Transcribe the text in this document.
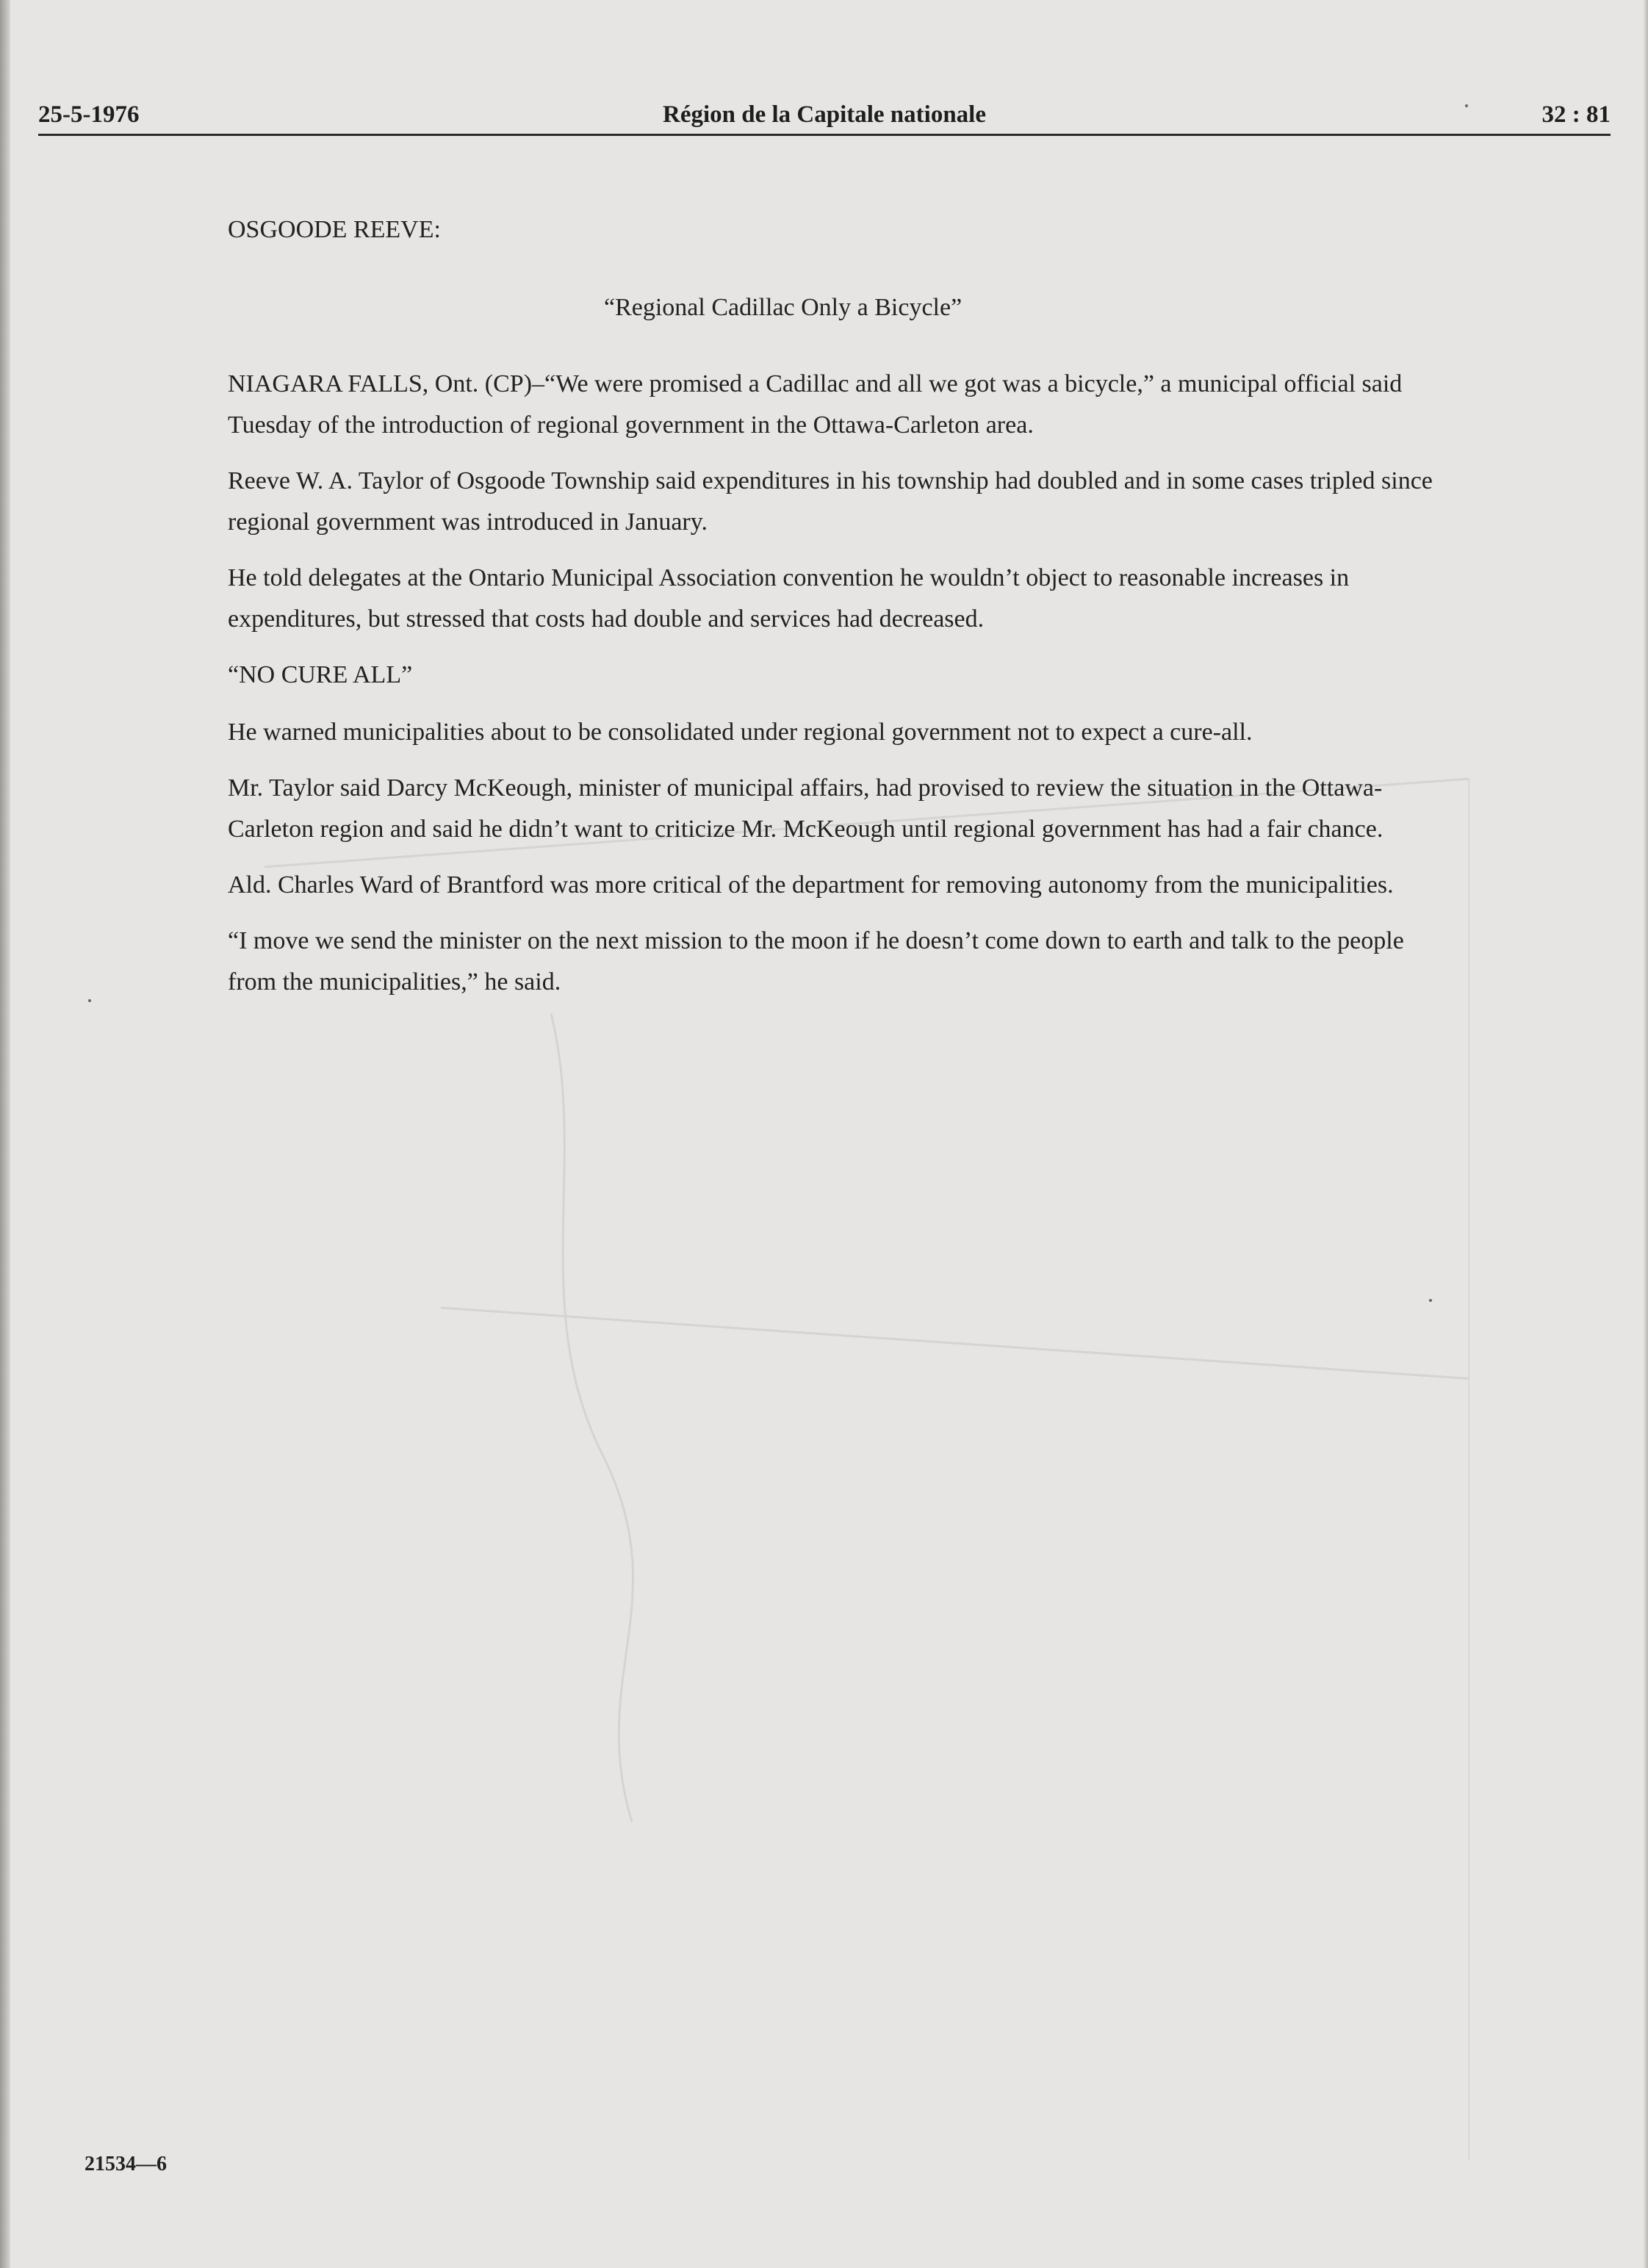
25-5-1976	Région de la Capitale nationale	32 : 81
OSGOODE REEVE:
“Regional Cadillac Only a Bicycle”

NIAGARA FALLS, Ont. (CP)–“We were promised a Cadillac and all we got was a bicycle,” a municipal official said Tuesday of the introduction of regional government in the Ottawa-Carleton area.

Reeve W. A. Taylor of Osgoode Township said expenditures in his township had doubled and in some cases tripled since regional government was introduced in January.

He told delegates at the Ontario Municipal Association convention he wouldn’t object to reasonable increases in expenditures, but stressed that costs had double and services had decreased.

“NO CURE ALL”

He warned municipalities about to be consolidated under regional government not to expect a cure-all.

Mr. Taylor said Darcy McKeough, minister of municipal affairs, had provised to review the situation in the Ottawa-Carleton region and said he didn’t want to criticize Mr. McKeough until regional government has had a fair chance.

Ald. Charles Ward of Brantford was more critical of the department for removing autonomy from the municipalities.

“I move we send the minister on the next mission to the moon if he doesn’t come down to earth and talk to the people from the municipalities,” he said.

21534—6
